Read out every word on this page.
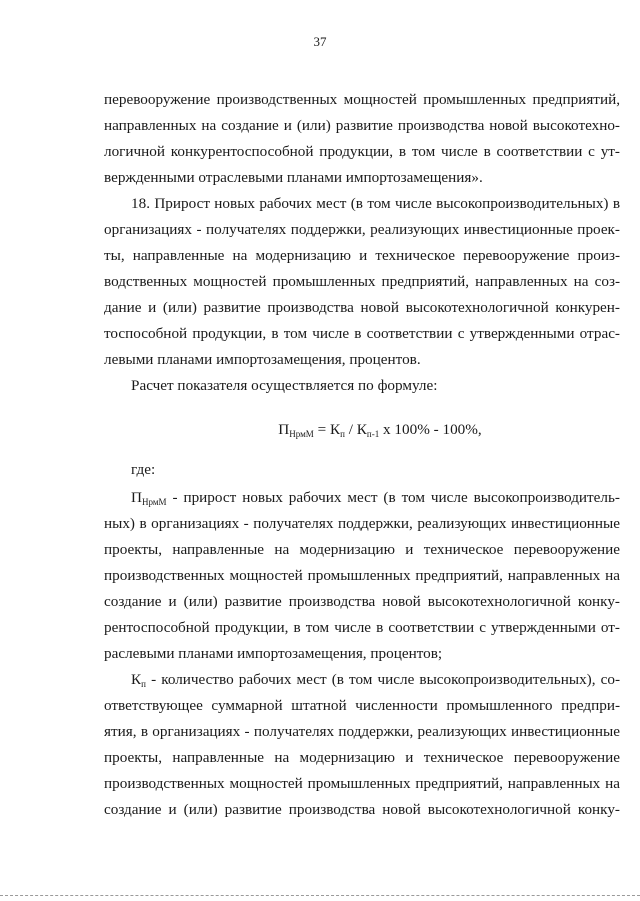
37
перевооружение производственных мощностей промышленных предприятий,
направленных на создание и (или) развитие производства новой высокотехно-
логичной конкурентоспособной продукции, в том числе в соответствии с ут-
вержденными отраслевыми планами импортозамещения».
18. Прирост новых рабочих мест (в том числе высокопроизводительных) в
организациях - получателях поддержки, реализующих инвестиционные проек-
ты, направленные на модернизацию и техническое перевооружение произ-
водственных мощностей промышленных предприятий, направленных на соз-
дание и (или) развитие производства новой высокотехнологичной конкурен-
тоспособной продукции, в том числе в соответствии с утвержденными отрас-
левыми планами импортозамещения, процентов.
Расчет показателя осуществляется по формуле:
$П_{НрмМ} = К_п / К_{п-1}$ х 100% - 100%,
где:
$П_{НрмМ}$ - прирост новых рабочих мест (в том числе высокопроизводитель-
ных) в организациях - получателях поддержки, реализующих инвестиционные
проекты, направленные на модернизацию и техническое перевооружение
производственных мощностей промышленных предприятий, направленных на
создание и (или) развитие производства новой высокотехнологичной конку-
рентоспособной продукции, в том числе в соответствии с утвержденными от-
раслевыми планами импортозамещения, процентов;
$К_п$ - количество рабочих мест (в том числе высокопроизводительных), со-
ответствующее суммарной штатной численности промышленного предпри-
ятия, в организациях - получателях поддержки, реализующих инвестиционные
проекты, направленные на модернизацию и техническое перевооружение
производственных мощностей промышленных предприятий, направленных на
создание и (или) развитие производства новой высокотехнологичной конку-
